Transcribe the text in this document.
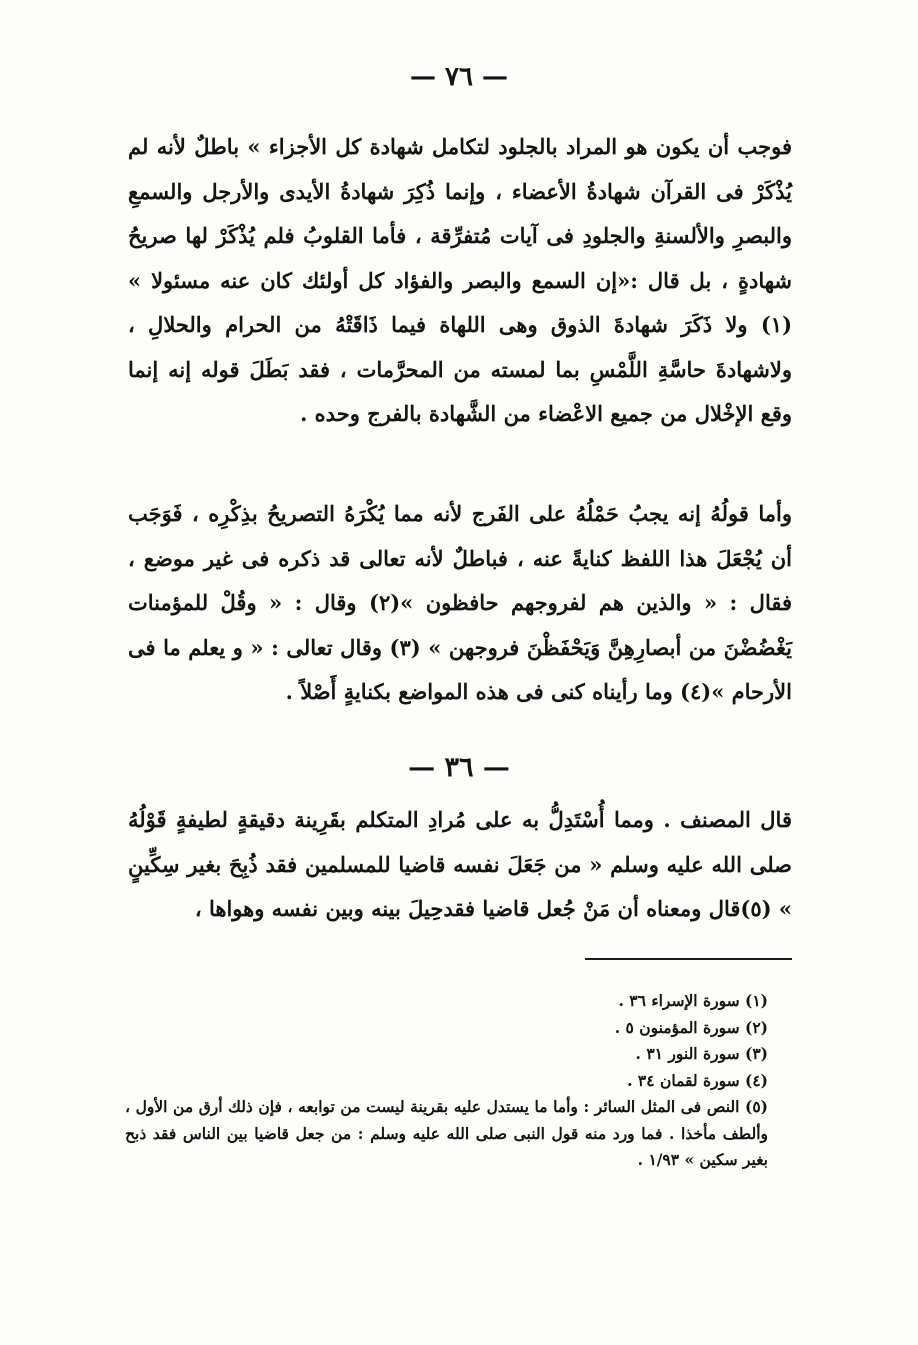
— ٧٦ —

فوجب أن يكون هو المراد بالجلود لتكامل شهادة كل الأجزاء » باطلٌ لأنه لم يُذْكَرْ فى القرآن شهادةُ الأعضاء ، وإنما ذُكِرَ شهادةُ الأيدى والأرجل والسمعِ والبصرِ والألسنةِ والجلودِ فى آيات مُتفرِّقة ، فأما القلوبُ فلم يُذْكَرْ لها صريحُ شهادةٍ ، بل قال :«إن السمع والبصر والفؤاد كل أولئك كان عنه مسئولا » (١) ولا ذَكَرَ شهادةَ الذوق وهى اللهاة فيما ذَاقَتْهُ من الحرام والحلالِ ، ولاشهادةَ حاسَّةِ اللَّمْسِ بما لمسته من المحرَّمات ، فقد بَطَلَ قوله إنه إنما وقع الإخْلال من جميع الاعْضاء من الشَّهادة بالفرج وحده .

وأما قولُهُ إنه يجبُ حَمْلُهُ على الفَرج لأنه مما يُكْرَهُ التصريحُ بذِكْرِه ، فَوَجَب أن يُجْعَلَ هذا اللفظ كنايةً عنه ، فباطلٌ لأنه تعالى قد ذكره فى غير موضع ، فقال : « والذين هم لفروجهم حافظون »(٢) وقال : « وقُلْ للمؤمنات يَغْضُضْنَ من أبصارِهِنَّ وَيَحْفَظْنَ فروجهن » (٣) وقال تعالى : « و يعلم ما فى الأرحام »(٤) وما رأيناه كنى فى هذه المواضع بكنايةٍ أَصْلاً .

— ٣٦ —

قال المصنف . ومما أُسْتَدِلُّ به على مُرادِ المتكلم بقَرِينة دقيقةٍ لطيفةٍ قَوْلُهُ صلى الله عليه وسلم « من جَعَلَ نفسه قاضيا للمسلمين فقد ذُبِحَ بغير سِكِّينٍ » (٥)قال ومعناه أن مَنْ جُعل قاضيا فقدحِيلَ بينه وبين نفسه وهواها ،

(١) سورة الإسراء ٣٦ .
(٢) سورة المؤمنون ٥ .
(٣) سورة النور ٣١ .
(٤) سورة لقمان ٣٤ .
(٥) النص فى المثل السائر : وأما ما يستدل عليه بقرينة ليست من توابعه ، فإن ذلك أرق من الأول ، وألطف مأخذا . فما ورد منه قول النبى صلى الله عليه وسلم : من جعل قاضيا بين الناس فقد ذبح بغير سكين » ١/٩٣ .
